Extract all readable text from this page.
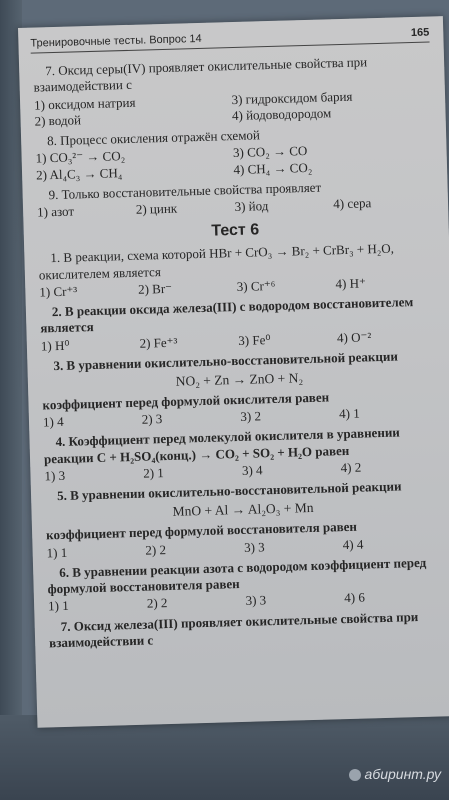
Тренировочные тесты. Вопрос 14
165
7. Оксид серы(IV) проявляет окислительные свойства при взаимодействии с
1) оксидом натрия	3) гидроксидом бария
2) водой	4) йодоводородом
8. Процесс окисления отражён схемой
1) CO₃²⁻ → CO₂	3) CO₂ → CO
2) Al₄C₃ → CH₄	4) CH₄ → CO₂
9. Только восстановительные свойства проявляет
1) азот	2) цинк	3) йод	4) сера
Тест 6
1. В реакции, схема которой HBr + CrO₃ → Br₂ + CrBr₃ + H₂O, окислителем является
1) Cr⁺³	2) Br⁻	3) Cr⁺⁶	4) H⁺
2. В реакции оксида железа(III) с водородом восстановителем является
1) H⁰	2) Fe⁺³	3) Fe⁰	4) O⁻²
3. В уравнении окислительно-восстановительной реакции
NO₂ + Zn → ZnO + N₂
коэффициент перед формулой окислителя равен
1) 4	2) 3	3) 2	4) 1
4. Коэффициент перед молекулой окислителя в уравнении реакции C + H₂SO₄(конц.) → CO₂ + SO₂ + H₂O равен
1) 3	2) 1	3) 4	4) 2
5. В уравнении окислительно-восстановительной реакции
MnO + Al → Al₂O₃ + Mn
коэффициент перед формулой восстановителя равен
1) 1	2) 2	3) 3	4) 4
6. В уравнении реакции азота с водородом коэффициент перед формулой восстановителя равен
1) 1	2) 2	3) 3	4) 6
7. Оксид железа(III) проявляет окислительные свойства при взаимодействии с
абиринт.ру
